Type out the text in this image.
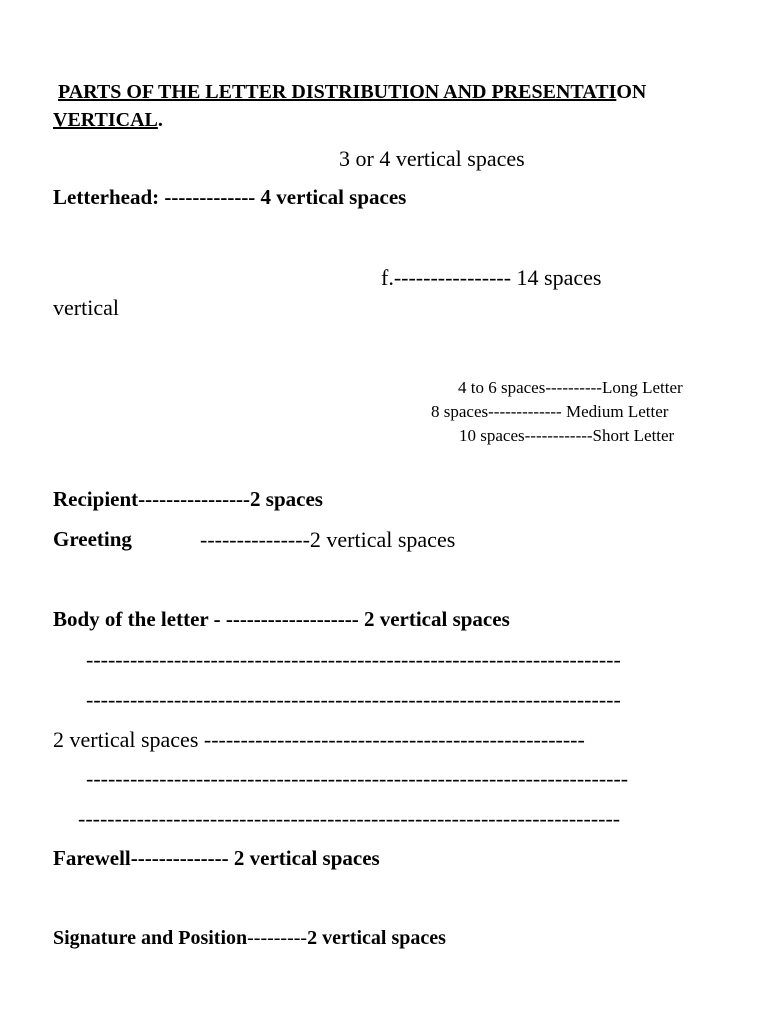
PARTS OF THE LETTER DISTRIBUTION AND PRESENTATION
VERTICAL.
3 or 4 vertical spaces
Letterhead: ------------- 4 vertical spaces
f.---------------- 14 spaces
vertical
4 to 6 spaces----------Long Letter
8 spaces------------- Medium Letter
10 spaces------------Short Letter
Recipient----------------2 spaces
Greeting	---------------2 vertical spaces
Body of the letter - ------------------- 2 vertical spaces
-------------------------------------------------------------------------
-------------------------------------------------------------------------
2 vertical spaces ----------------------------------------------------
--------------------------------------------------------------------------
--------------------------------------------------------------------------
Farewell-------------- 2 vertical spaces
Signature and Position---------2 vertical spaces
